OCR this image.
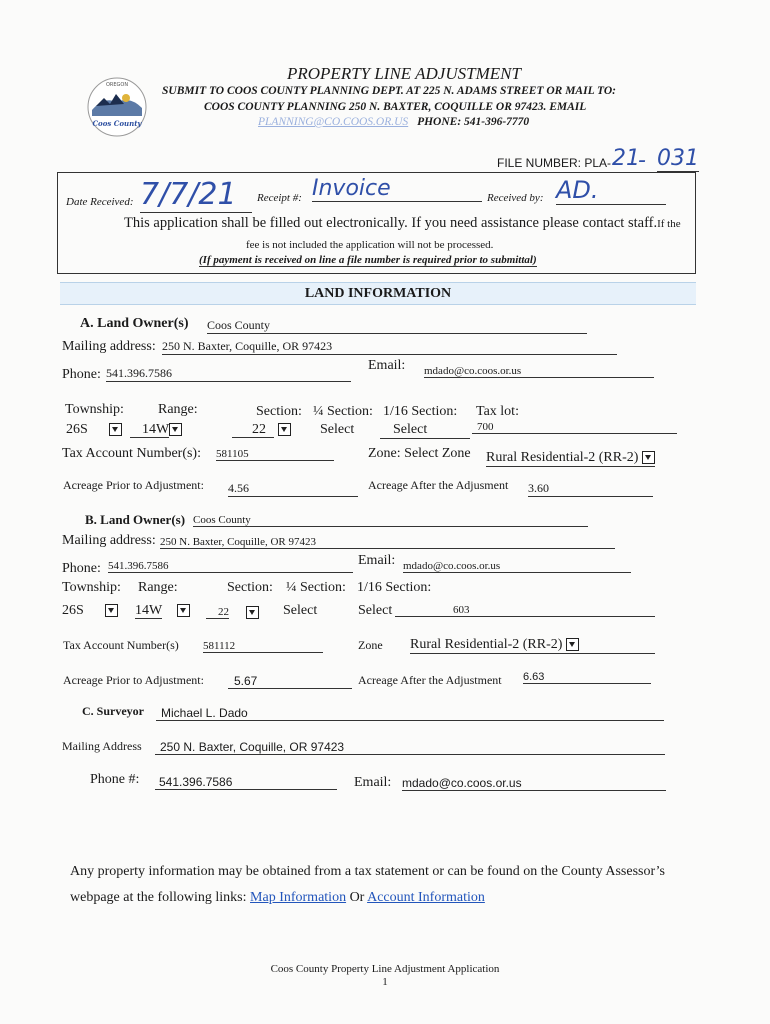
PROPERTY LINE ADJUSTMENT
Coos County
OREGON	SUBMIT TO COOS COUNTY PLANNING DEPT. AT 225 N. ADAMS STREET OR MAIL TO:
COOS COUNTY PLANNING 250 N. BAXTER, COQUILLE OR 97423. EMAIL
PLANNING@CO.COOS.OR.US PHONE: 541-396-7770
FILE NUMBER: PLA- 21
- 031
Date Received: 7/7/21	Receipt #: Invoice	Received by: AD.
This application shall be filled out electronically. If you need assistance please contact staff.If the
fee is not included the application will not be processed.
(If payment is received on line a file number is required prior to submittal)
LAND INFORMATION
A. Land Owner(s) Coos County
Mailing address: 250 N. Baxter, Coquille, OR 97423
Phone: 541.396.7586	Email: mdado@co.coos.or.us
Township: Range:	Section: ¼ Section: 1/16 Section: Tax lot:
26S	14W	22	Select	Select	700
Tax Account Number(s): 581105	Zone: Select Zone Rural Residential-2 (RR-2)
Acreage Prior to Adjustment: 4.56	Acreage After the Adjusment 3.60
B. Land Owner(s) Coos County
Mailing address: 250 N. Baxter, Coquille, OR 97423
Phone: 541.396.7586	Email: mdado@co.coos.or.us
Township: Range:	Section: ¼ Section: 1/16 Section:
26S	14W	22	Select	Select	603
Tax Account Number(s) 581112	Zone Rural Residential-2 (RR-2)
Acreage Prior to Adjustment:	5.67	Acreage After the Adjustment 6.63
C. Surveyor	Michael L. Dado
Mailing Address	250 N. Baxter, Coquille, OR 97423
Phone #:	541.396.7586	Email: mdado@co.coos.or.us
Any property information may be obtained from a tax statement or can be found on the County Assessor’s
webpage at the following links: Map Information Or Account Information
Coos County Property Line Adjustment Application
1
